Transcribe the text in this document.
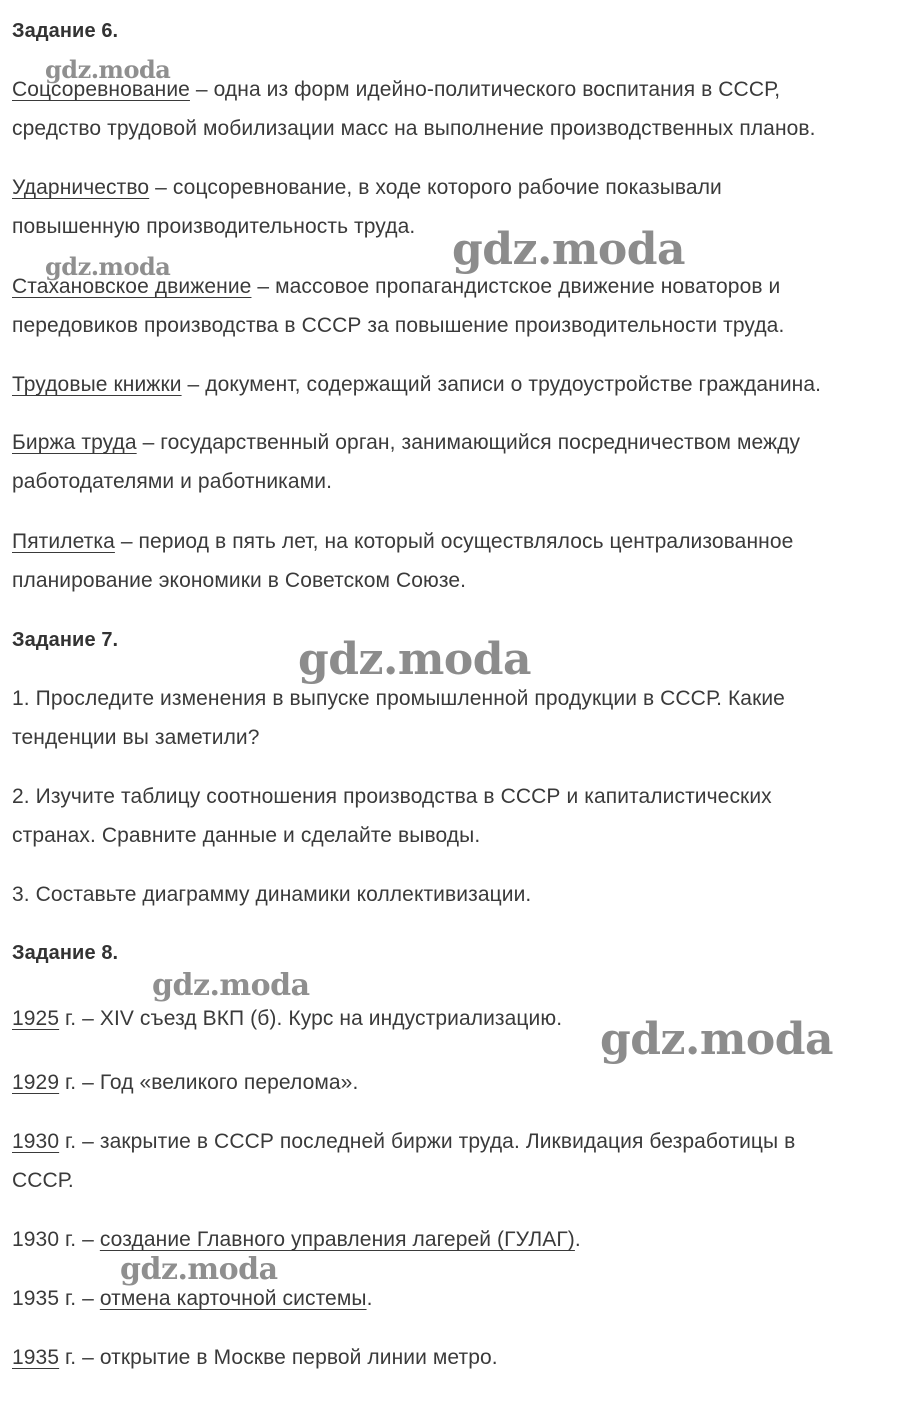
gdz.moda
gdz.moda	gdz.moda
gdz.moda
gdz.moda
gdz.moda
gdz.moda

Задание 6.

Соцсоревнование – одна из форм идейно-политического воспитания в СССР,

средство трудовой мобилизации масс на выполнение производственных планов.

Ударничество – соцсоревнование, в ходе которого рабочие показывали

повышенную производительность труда.

Стахановское движение – массовое пропагандистское движение новаторов и

передовиков производства в СССР за повышение производительности труда.

Трудовые книжки – документ, содержащий записи о трудоустройстве гражданина.

Биржа труда – государственный орган, занимающийся посредничеством между

работодателями и работниками.

Пятилетка – период в пять лет, на который осуществлялось централизованное

планирование экономики в Советском Союзе.

Задание 7.

1. Проследите изменения в выпуске промышленной продукции в СССР. Какие

тенденции вы заметили?

2. Изучите таблицу соотношения производства в СССР и капиталистических

странах. Сравните данные и сделайте выводы.

3. Составьте диаграмму динамики коллективизации.

Задание 8.

1925 г. – XIV съезд ВКП (б). Курс на индустриализацию.

1929 г. – Год «великого перелома».

1930 г. – закрытие в СССР последней биржи труда. Ликвидация безработицы в

СССР.

1930 г. – создание Главного управления лагерей (ГУЛАГ).

1935 г. – отмена карточной системы.

1935 г. – открытие в Москве первой линии метро.
